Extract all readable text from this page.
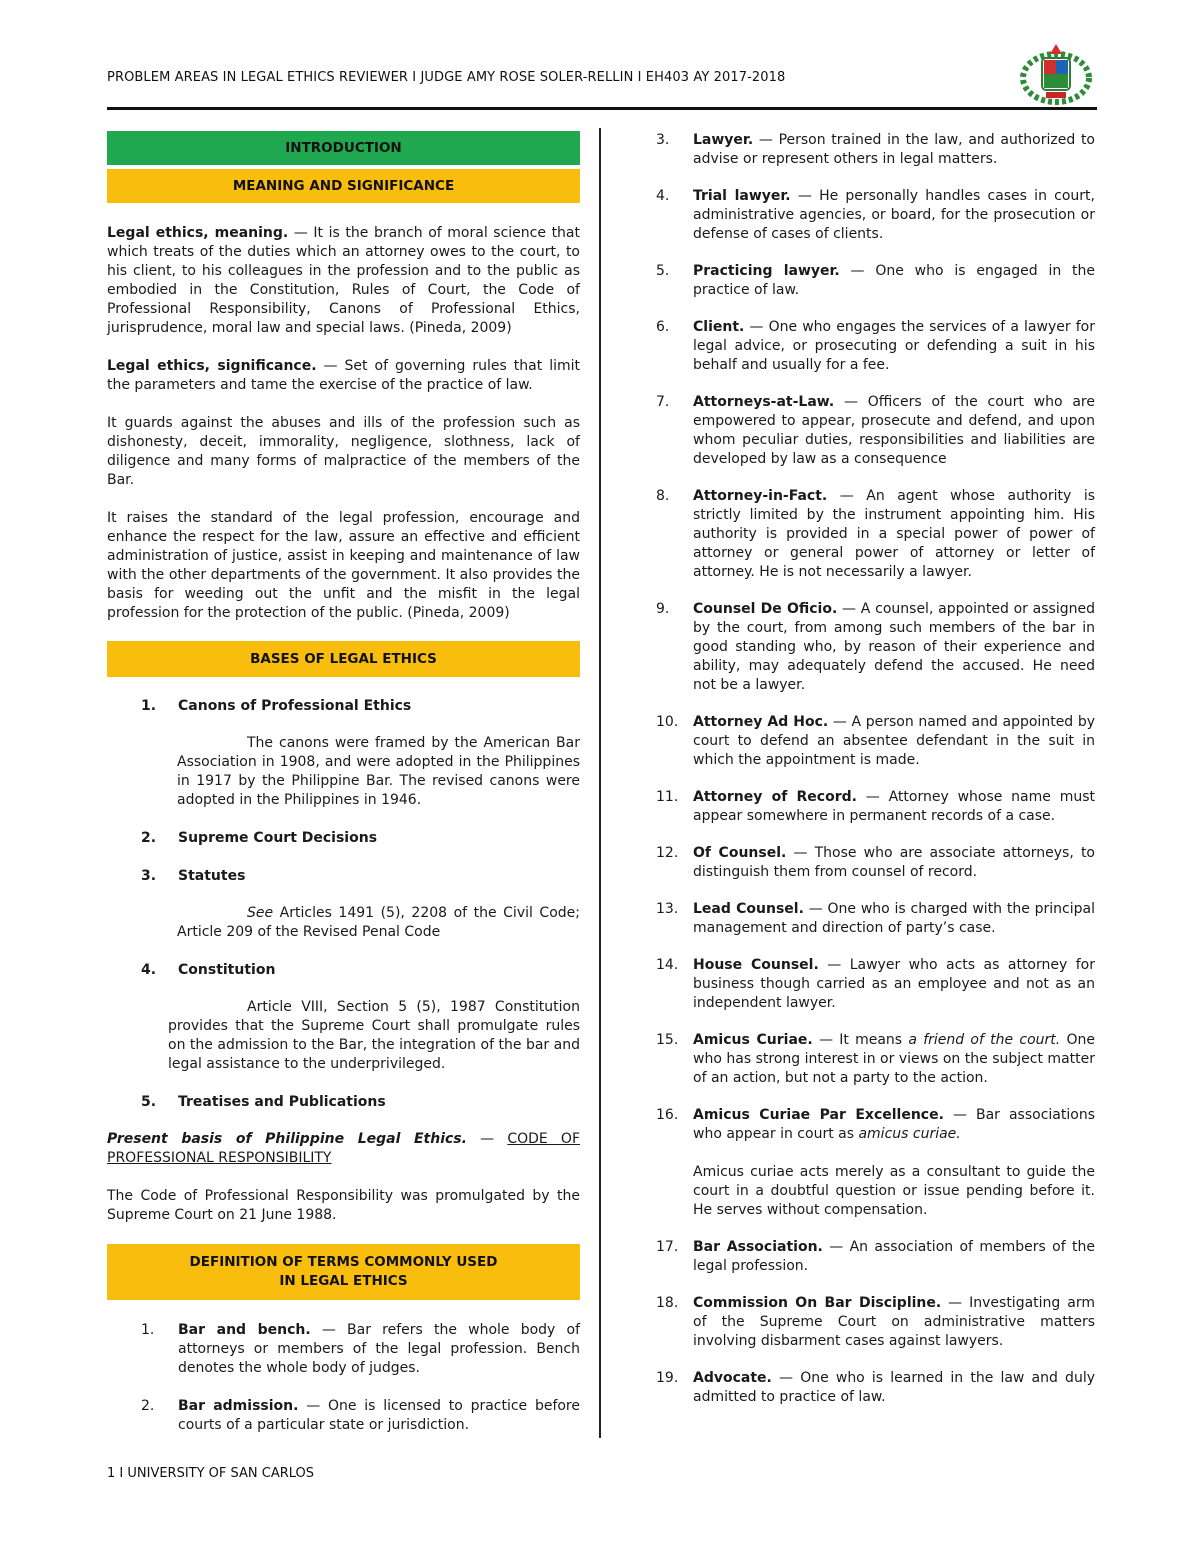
PROBLEM AREAS IN LEGAL ETHICS REVIEWER I JUDGE AMY ROSE SOLER-RELLIN I EH403 AY 2017-2018
INTRODUCTION
MEANING AND SIGNIFICANCE

Legal ethics, meaning. — It is the branch of moral science that which treats of the duties which an attorney owes to the court, to his client, to his colleagues in the profession and to the public as embodied in the Constitution, Rules of Court, the Code of Professional Responsibility, Canons of Professional Ethics, jurisprudence, moral law and special laws. (Pineda, 2009)

Legal ethics, significance. — Set of governing rules that limit the parameters and tame the exercise of the practice of law.

It guards against the abuses and ills of the profession such as dishonesty, deceit, immorality, negligence, slothness, lack of diligence and many forms of malpractice of the members of the Bar.

It raises the standard of the legal profession, encourage and enhance the respect for the law, assure an effective and efficient administration of justice, assist in keeping and maintenance of law with the other departments of the government. It also provides the basis for weeding out the unfit and the misfit in the legal profession for the protection of the public. (Pineda, 2009)

BASES OF LEGAL ETHICS
1.	Canons of Professional Ethics

The canons were framed by the American Bar Association in 1908, and were adopted in the Philippines in 1917 by the Philippine Bar. The revised canons were adopted in the Philippines in 1946.

2.	Supreme Court Decisions
3.	Statutes

See Articles 1491 (5), 2208 of the Civil Code; Article 209 of the Revised Penal Code

4.	Constitution

Article VIII, Section 5 (5), 1987 Constitution provides that the Supreme Court shall promulgate rules on the admission to the Bar, the integration of the bar and legal assistance to the underprivileged.

5.	Treatises and Publications

Present basis of Philippine Legal Ethics. — CODE OF PROFESSIONAL RESPONSIBILITY

The Code of Professional Responsibility was promulgated by the Supreme Court on 21 June 1988.

DEFINITION OF TERMS COMMONLY USED
IN LEGAL ETHICS
1.	Bar and bench. — Bar refers the whole body of attorneys or members of the legal profession. Bench denotes the whole body of judges.

2.	Bar admission. — One is licensed to practice before courts of a particular state or jurisdiction.

3.	Lawyer. — Person trained in the law, and authorized to advise or represent others in legal matters.

4.	Trial lawyer. — He personally handles cases in court, administrative agencies, or board, for the prosecution or defense of cases of clients.

5.	Practicing lawyer. — One who is engaged in the practice of law.

6.	Client. — One who engages the services of a lawyer for legal advice, or prosecuting or defending a suit in his behalf and usually for a fee.

7.	Attorneys-at-Law. — Officers of the court who are empowered to appear, prosecute and defend, and upon whom peculiar duties, responsibilities and liabilities are developed by law as a consequence

8.	Attorney-in-Fact. — An agent whose authority is strictly limited by the instrument appointing him. His authority is provided in a special power of power of attorney or general power of attorney or letter of attorney. He is not necessarily a lawyer.

9.	Counsel De Oficio. — A counsel, appointed or assigned by the court, from among such members of the bar in good standing who, by reason of their experience and ability, may adequately defend the accused. He need not be a lawyer.

10.	Attorney Ad Hoc. — A person named and appointed by court to defend an absentee defendant in the suit in which the appointment is made.

11.	Attorney of Record. — Attorney whose name must appear somewhere in permanent records of a case.

12.	Of Counsel. — Those who are associate attorneys, to distinguish them from counsel of record.

13.	Lead Counsel. — One who is charged with the principal management and direction of party’s case.

14.	House Counsel. — Lawyer who acts as attorney for business though carried as an employee and not as an independent lawyer.

15.	Amicus Curiae. — It means a friend of the court. One who has strong interest in or views on the subject matter of an action, but not a party to the action.

16.	Amicus Curiae Par Excellence. — Bar associations who appear in court as amicus curiae.

Amicus curiae acts merely as a consultant to guide the court in a doubtful question or issue pending before it. He serves without compensation.

17.	Bar Association. — An association of members of the legal profession.

18.	Commission On Bar Discipline. — Investigating arm of the Supreme Court on administrative matters involving disbarment cases against lawyers.

19.	Advocate. — One who is learned in the law and duly admitted to practice of law.

1 I UNIVERSITY OF SAN CARLOS
